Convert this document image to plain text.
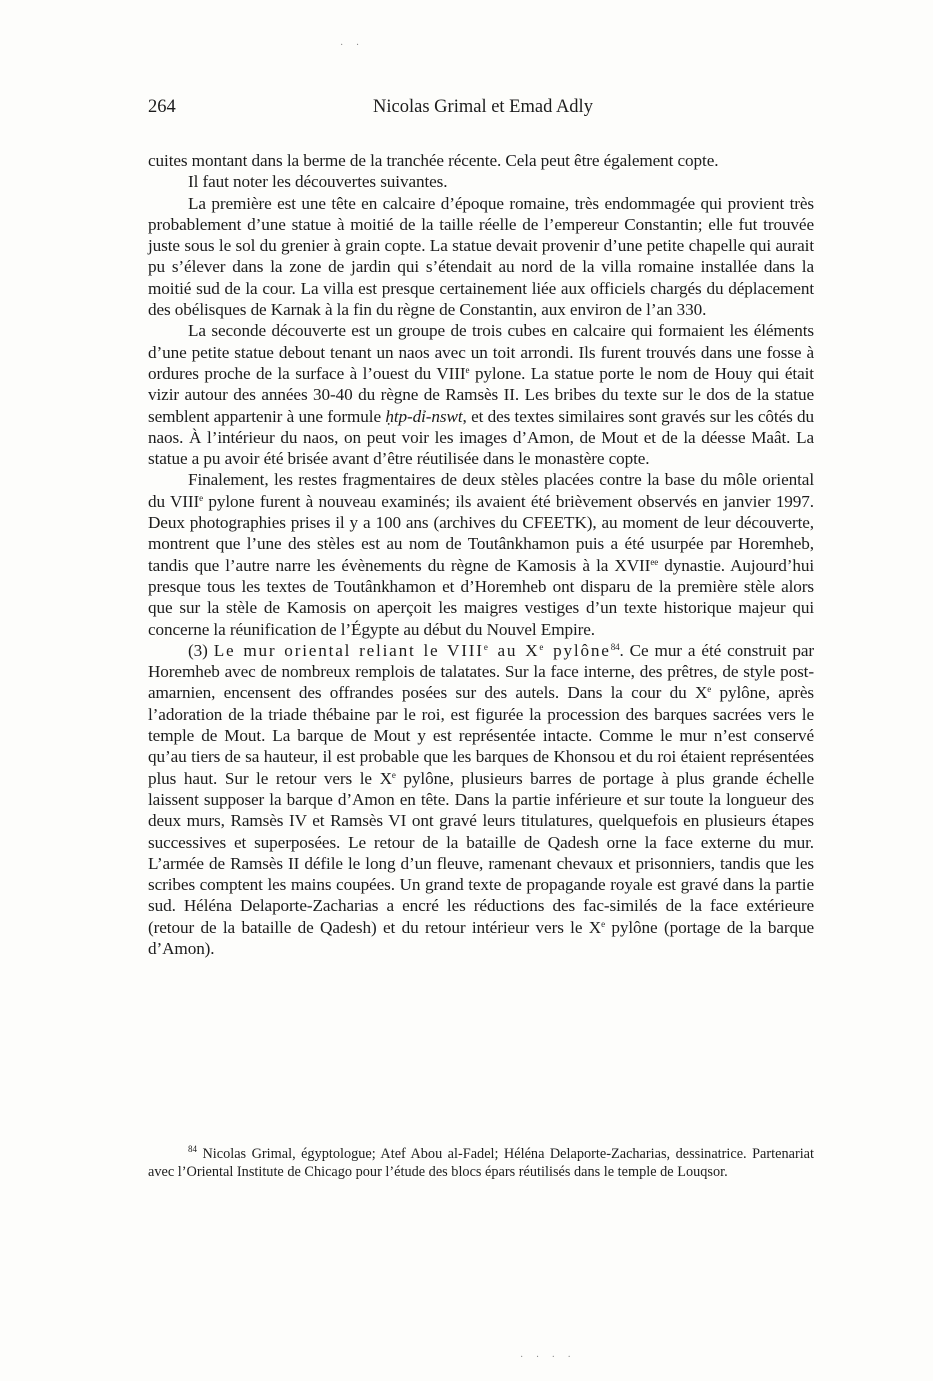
· ·
264	Nicolas Grimal et Emad Adly

cuites montant dans la berme de la tranchée récente. Cela peut être également copte.

Il faut noter les découvertes suivantes.

La première est une tête en calcaire d’époque romaine, très endommagée qui provient très probablement d’une statue à moitié de la taille réelle de l’empereur Constantin; elle fut trouvée juste sous le sol du grenier à grain copte. La statue devait provenir d’une petite chapelle qui aurait pu s’élever dans la zone de jardin qui s’étendait au nord de la villa romaine installée dans la moitié sud de la cour. La villa est presque certainement liée aux officiels chargés du déplacement des obélisques de Karnak à la fin du règne de Constantin, aux environ de l’an 330.

La seconde découverte est un groupe de trois cubes en calcaire qui formaient les éléments d’une petite statue debout tenant un naos avec un toit arrondi. Ils furent trouvés dans une fosse à ordures proche de la surface à l’ouest du VIIIe pylone. La statue porte le nom de Houy qui était vizir autour des années 30-40 du règne de Ramsès II. Les bribes du texte sur le dos de la statue semblent appartenir à une formule ḥtp-dỉ-nswt, et des textes similaires sont gravés sur les côtés du naos. À l’intérieur du naos, on peut voir les images d’Amon, de Mout et de la déesse Maât. La statue a pu avoir été brisée avant d’être réutilisée dans le monastère copte.

Finalement, les restes fragmentaires de deux stèles placées contre la base du môle oriental du VIIIe pylone furent à nouveau examinés; ils avaient été brièvement observés en janvier 1997. Deux photographies prises il y a 100 ans (archives du CFEETK), au moment de leur découverte, montrent que l’une des stèles est au nom de Toutânkhamon puis a été usurpée par Horemheb, tandis que l’autre narre les évènements du règne de Kamosis à la $XVII^{ee}$ dynastie. Aujourd’hui presque tous les textes de Toutânkhamon et d’Horemheb ont disparu de la première stèle alors que sur la stèle de Kamosis on aperçoit les maigres vestiges d’un texte historique majeur qui concerne la réunification de l’Égypte au début du Nouvel Empire.

(3) Le mur oriental reliant le VIIIe au Xe pylône$^{84}$. Ce mur a été construit par Horemheb avec de nombreux remplois de talatates. Sur la face interne, des prêtres, de style post-amarnien, encensent des offrandes posées sur des autels. Dans la cour du Xe pylône, après l’adoration de la triade thébaine par le roi, est figurée la procession des barques sacrées vers le temple de Mout. La barque de Mout y est représentée intacte. Comme le mur n’est conservé qu’au tiers de sa hauteur, il est probable que les barques de Khonsou et du roi étaient représentées plus haut. Sur le retour vers le Xe pylône, plusieurs barres de portage à plus grande échelle laissent supposer la barque d’Amon en tête. Dans la partie inférieure et sur toute la longueur des deux murs, Ramsès IV et Ramsès VI ont gravé leurs titulatures, quelquefois en plusieurs étapes successives et superposées. Le retour de la bataille de Qadesh orne la face externe du mur. L’armée de Ramsès II défile le long d’un fleuve, ramenant chevaux et prisonniers, tandis que les scribes comptent les mains coupées. Un grand texte de propagande royale est gravé dans la partie sud. Héléna Delaporte-Zacharias a encré les réductions des fac-similés de la face extérieure (retour de la bataille de Qadesh) et du retour intérieur vers le Xe pylône (portage de la barque d’Amon).

$^{84}$ Nicolas Grimal, égyptologue; Atef Abou al-Fadel; Héléna Delaporte-Zacharias, dessinatrice. Partenariat avec l’Oriental Institute de Chicago pour l’étude des blocs épars réutilisés dans le temple de Louqsor.

· · · ·
